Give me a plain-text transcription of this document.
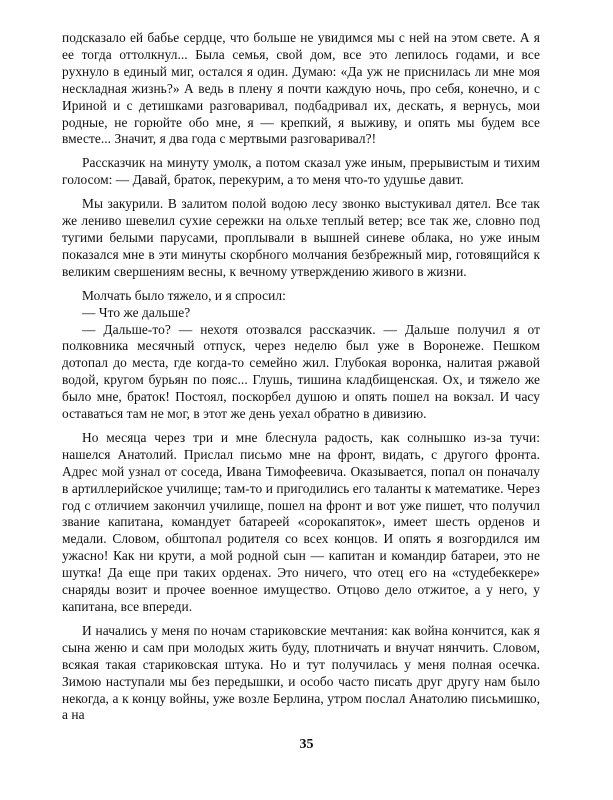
подсказало ей бабье сердце, что больше не увидимся мы с ней на этом свете. А я ее тогда оттолкнул... Была семья, свой дом, все это лепилось годами, и все рухнуло в единый миг, остался я один. Думаю: «Да уж не приснилась ли мне моя нескладная жизнь?» А ведь в плену я почти каждую ночь, про себя, конечно, и с Ириной и с детишками разговаривал, подбадривал их, дескать, я вернусь, мои родные, не горюйте обо мне, я — крепкий, я выживу, и опять мы будем все вместе... Значит, я два года с мертвыми разговаривал?!

Рассказчик на минуту умолк, а потом сказал уже иным, прерывистым и тихим голосом: — Давай, браток, перекурим, а то меня что-то удушье давит.

Мы закурили. В залитом полой водою лесу звонко выстукивал дятел. Все так же лениво шевелил сухие сережки на ольхе теплый ветер; все так же, словно под тугими белыми парусами, проплывали в вышней синеве облака, но уже иным показался мне в эти минуты скорбного молчания безбрежный мир, готовящийся к великим свершениям весны, к вечному утверждению живого в жизни.

Молчать было тяжело, и я спросил:

— Что же дальше?

— Дальше-то? — нехотя отозвался рассказчик. — Дальше получил я от полковника месячный отпуск, через неделю был уже в Воронеже. Пешком дотопал до места, где когда-то семейно жил. Глубокая воронка, налитая ржавой водой, кругом бурьян по пояс... Глушь, тишина кладбищенская. Ох, и тяжело же было мне, браток! Постоял, поскорбел душою и опять пошел на вокзал. И часу оставаться там не мог, в этот же день уехал обратно в дивизию.

Но месяца через три и мне блеснула радость, как солнышко из-за тучи: нашелся Анатолий. Прислал письмо мне на фронт, видать, с другого фронта. Адрес мой узнал от соседа, Ивана Тимофеевича. Оказывается, попал он поначалу в артиллерийское училище; там-то и пригодились его таланты к математике. Через год с отличием закончил училище, пошел на фронт и вот уже пишет, что получил звание капитана, командует батареей «сорокапяток», имеет шесть орденов и медали. Словом, обштопал родителя со всех концов. И опять я возгордился им ужасно! Как ни крути, а мой родной сын — капитан и командир батареи, это не шутка! Да еще при таких орденах. Это ничего, что отец его на «студебеккере» снаряды возит и прочее военное имущество. Отцово дело отжитое, а у него, у капитана, все впереди.

И начались у меня по ночам стариковские мечтания: как война кончится, как я сына женю и сам при молодых жить буду, плотничать и внучат нянчить. Словом, всякая такая стариковская штука. Но и тут получилась у меня полная осечка. Зимою наступали мы без передышки, и особо часто писать друг другу нам было некогда, а к концу войны, уже возле Берлина, утром послал Анатолию письмишко, а на

35
